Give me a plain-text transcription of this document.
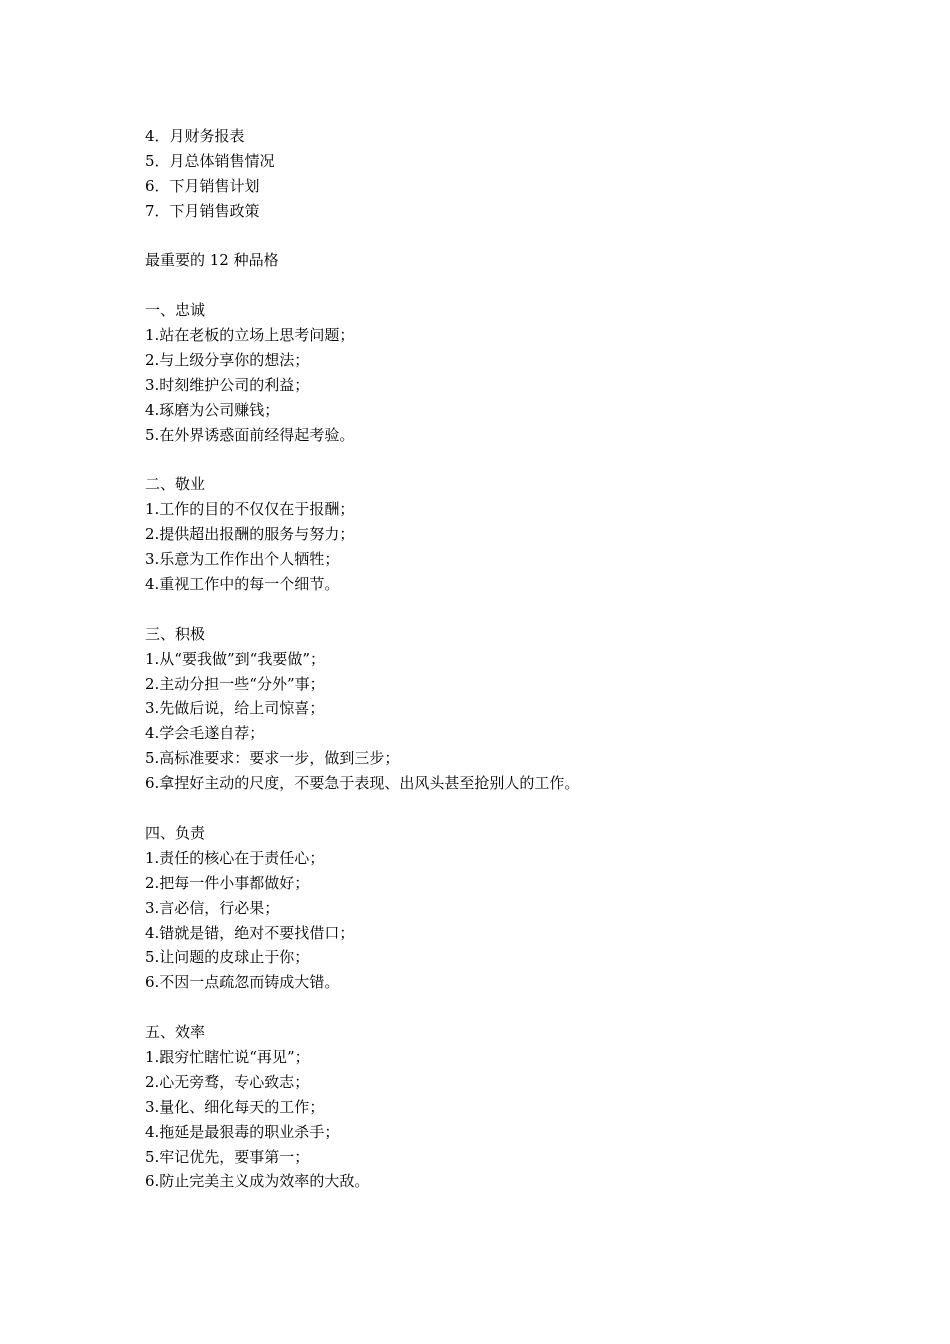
4．月财务报表
5．月总体销售情况
6．下月销售计划
7．下月销售政策
最重要的 12 种品格
一、忠诚
1.站在老板的立场上思考问题；
2.与上级分享你的想法；
3.时刻维护公司的利益；
4.琢磨为公司赚钱；
5.在外界诱惑面前经得起考验。
二、敬业
1.工作的目的不仅仅在于报酬；
2.提供超出报酬的服务与努力；
3.乐意为工作作出个人牺牲；
4.重视工作中的每一个细节。
三、积极
1.从“要我做”到“我要做”；
2.主动分担一些“分外”事；
3.先做后说，给上司惊喜；
4.学会毛遂自荐；
5.高标准要求：要求一步，做到三步；
6.拿捏好主动的尺度，不要急于表现、出风头甚至抢别人的工作。
四、负责
1.责任的核心在于责任心；
2.把每一件小事都做好；
3.言必信，行必果；
4.错就是错，绝对不要找借口；
5.让问题的皮球止于你；
6.不因一点疏忽而铸成大错。
五、效率
1.跟穷忙瞎忙说“再见”；
2.心无旁骛，专心致志；
3.量化、细化每天的工作；
4.拖延是最狠毒的职业杀手；
5.牢记优先，要事第一；
6.防止完美主义成为效率的大敌。
